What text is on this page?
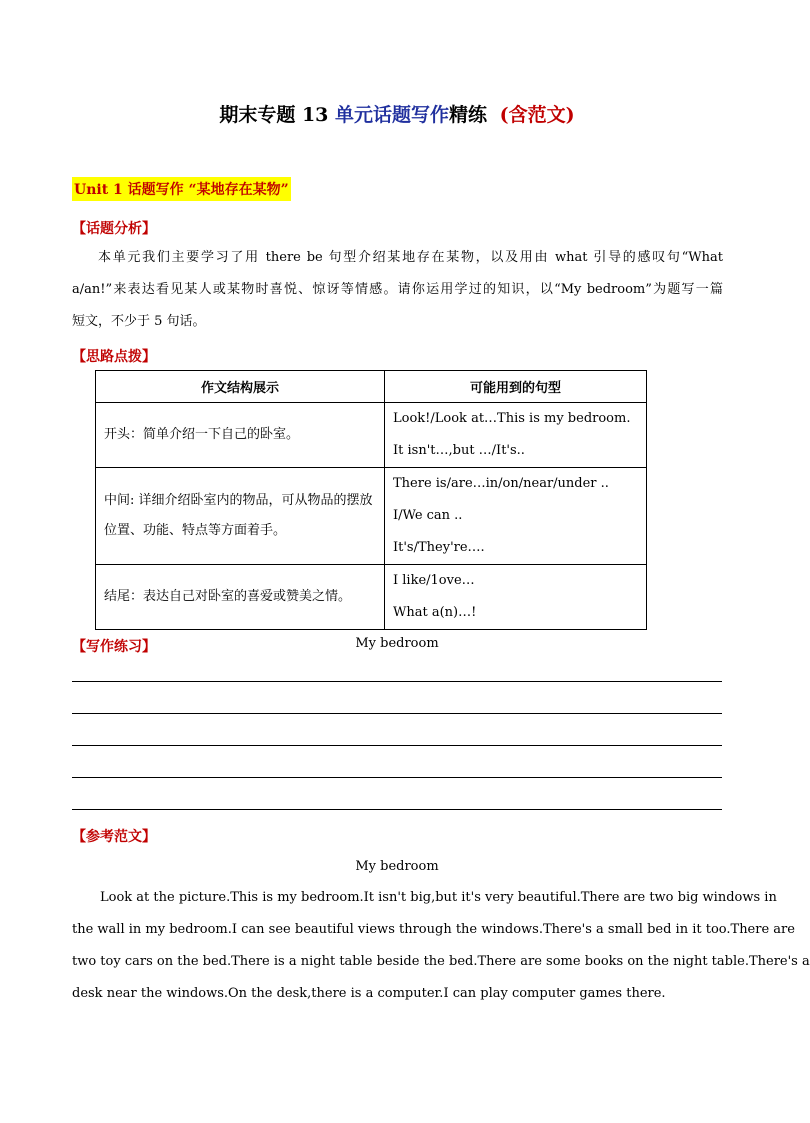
期末专题 13 单元话题写作精练 (含范文)
Unit 1 话题写作 “某地存在某物”
【话题分析】
本单元我们主要学习了用 there be 句型介绍某地存在某物，以及用由 what 引导的感叹句“What
a/an!”来表达看见某人或某物时喜悦、惊讶等情感。请你运用学过的知识，以“My bedroom”为题写一篇
短文，不少于 5 句话。
【思路点拨】
作文结构展示	可能用到的句型
开头：简单介绍一下自己的卧室。	Look!/Look at…This is my bedroom.
It isn't…,but …/It's..

中间: 详细介绍卧室内的物品，可从物品的摆放位置、功能、特点等方面着手。	There is/are…in/on/near/under ..
I/We can ..
It's/They're….

结尾：表达自己对卧室的喜爱或赞美之情。	I like/1ove…
What a(n)…!
【写作练习】	My bedroom
【参考范文】
My bedroom
Look at the picture.This is my bedroom.It isn't big,but it's very beautiful.There are two big windows in
the wall in my bedroom.I can see beautiful views through the windows.There's a small bed in it too.There are
two toy cars on the bed.There is a night table beside the bed.There are some books on the night table.There's a
desk near the windows.On the desk,there is a computer.I can play computer games there.
